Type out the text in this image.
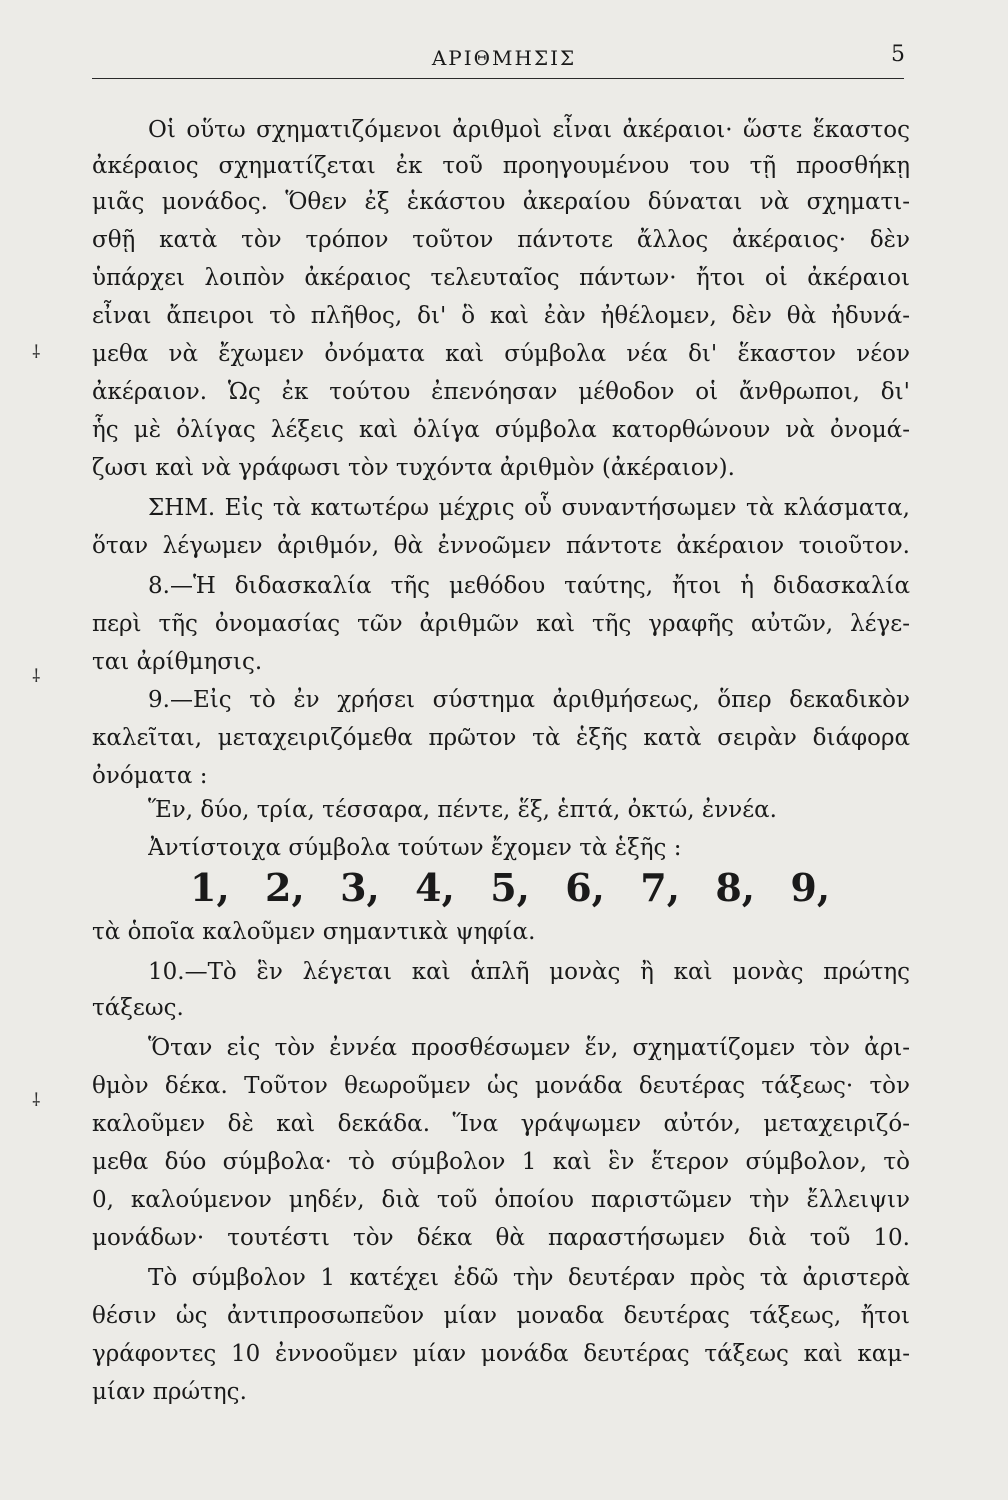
ΑΡΙΘΜΗΣΙΣ	5
⸸
⸸
⸸
Οἱ οὕτω σχηματιζόμενοι ἀριθμοὶ εἶναι ἀκέραιοι· ὥστε ἕκαστος
ἀκέραιος σχηματίζεται ἐκ τοῦ προηγουμένου του τῇ προσθήκῃ
μιᾶς μονάδος. Ὅθεν ἐξ ἑκάστου ἀκεραίου δύναται νὰ σχηματι-
σθῇ κατὰ τὸν τρόπον τοῦτον πάντοτε ἄλλος ἀκέραιος· δὲν
ὑπάρχει λοιπὸν ἀκέραιος τελευταῖος πάντων· ἤτοι οἱ ἀκέραιοι
εἶναι ἄπειροι τὸ πλῆθος, δι' ὃ καὶ ἐὰν ἠθέλομεν, δὲν θὰ ἠδυνά-
μεθα νὰ ἔχωμεν ὀνόματα καὶ σύμβολα νέα δι' ἕκαστον νέον
ἀκέραιον. Ὡς ἐκ τούτου ἐπενόησαν μέθοδον οἱ ἄνθρωποι, δι'
ἧς μὲ ὀλίγας λέξεις καὶ ὀλίγα σύμβολα κατορθώνουν νὰ ὀνομά-
ζωσι καὶ νὰ γράφωσι τὸν τυχόντα ἀριθμὸν (ἀκέραιον).
ΣΗΜ. Εἰς τὰ κατωτέρω μέχρις οὗ συναντήσωμεν τὰ κλάσματα,
ὅταν λέγωμεν ἀριθμόν, θὰ ἐννοῶμεν πάντοτε ἀκέραιον τοιοῦτον.
8.—Ἡ διδασκαλία τῆς μεθόδου ταύτης, ἤτοι ἡ διδασκαλία
περὶ τῆς ὀνομασίας τῶν ἀριθμῶν καὶ τῆς γραφῆς αὐτῶν, λέγε-
ται ἀρίθμησις.
9.—Εἰς τὸ ἐν χρήσει σύστημα ἀριθμήσεως, ὅπερ δεκαδικὸν
καλεῖται, μεταχειριζόμεθα πρῶτον τὰ ἑξῆς κατὰ σειρὰν διάφορα
ὀνόματα :
Ἕν, δύο, τρία, τέσσαρα, πέντε, ἕξ, ἑπτά, ὀκτώ, ἐννέα.
Ἀντίστοιχα σύμβολα τούτων ἔχομεν τὰ ἑξῆς :
1, 2, 3, 4, 5, 6, 7, 8, 9,
τὰ ὁποῖα καλοῦμεν σημαντικὰ ψηφία.
10.—Τὸ ἓν λέγεται καὶ ἁπλῆ μονὰς ἢ καὶ μονὰς πρώτης
τάξεως.
Ὅταν εἰς τὸν ἐννέα προσθέσωμεν ἕν, σχηματίζομεν τὸν ἀρι-
θμὸν δέκα. Τοῦτον θεωροῦμεν ὡς μονάδα δευτέρας τάξεως· τὸν
καλοῦμεν δὲ καὶ δεκάδα. Ἵνα γράψωμεν αὐτόν, μεταχειριζό-
μεθα δύο σύμβολα· τὸ σύμβολον 1 καὶ ἓν ἕτερον σύμβολον, τὸ
0, καλούμενον μηδέν, διὰ τοῦ ὁποίου παριστῶμεν τὴν ἔλλειψιν
μονάδων· τουτέστι τὸν δέκα θὰ παραστήσωμεν διὰ τοῦ 10.
Τὸ σύμβολον 1 κατέχει ἐδῶ τὴν δευτέραν πρὸς τὰ ἀριστερὰ
θέσιν ὡς ἀντιπροσωπεῦον μίαν μοναδα δευτέρας τάξεως, ἤτοι
γράφοντες 10 ἐννοοῦμεν μίαν μονάδα δευτέρας τάξεως καὶ καμ-
μίαν πρώτης.
